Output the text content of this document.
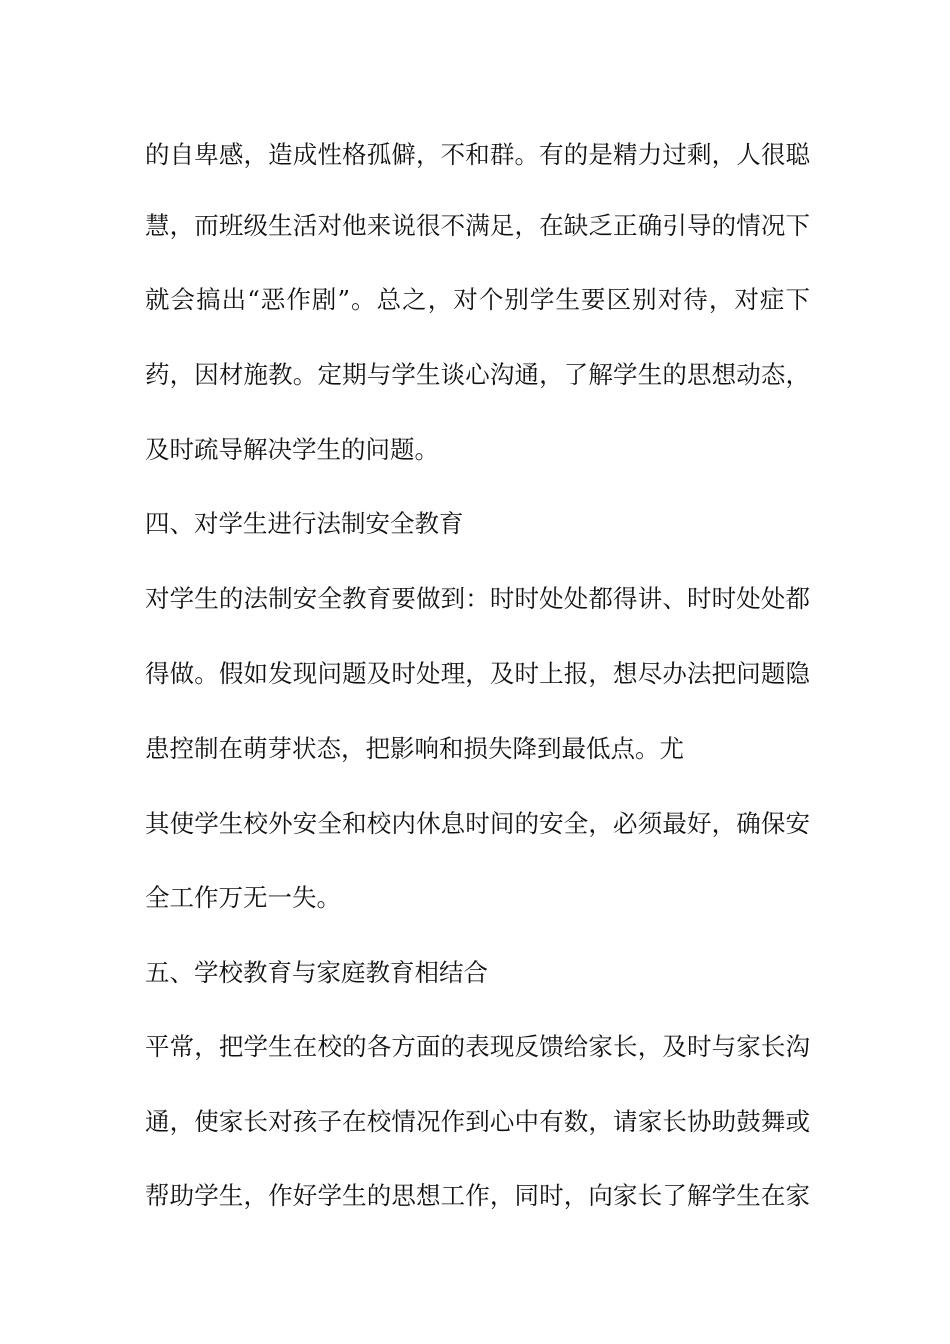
的自卑感，造成性格孤僻，不和群。有的是精力过剩，人很聪
慧，而班级生活对他来说很不满足，在缺乏正确引导的情况下
就会搞出“恶作剧”。总之，对个别学生要区别对待，对症下
药，因材施教。定期与学生谈心沟通，了解学生的思想动态，
及时疏导解决学生的问题。
四、对学生进行法制安全教育
对学生的法制安全教育要做到：时时处处都得讲、时时处处都
得做。假如发现问题及时处理，及时上报，想尽办法把问题隐
患控制在萌芽状态，把影响和损失降到最低点。尤
其使学生校外安全和校内休息时间的安全，必须最好，确保安
全工作万无一失。
五、学校教育与家庭教育相结合
平常，把学生在校的各方面的表现反馈给家长，及时与家长沟
通，使家长对孩子在校情况作到心中有数，请家长协助鼓舞或
帮助学生，作好学生的思想工作，同时，向家长了解学生在家
